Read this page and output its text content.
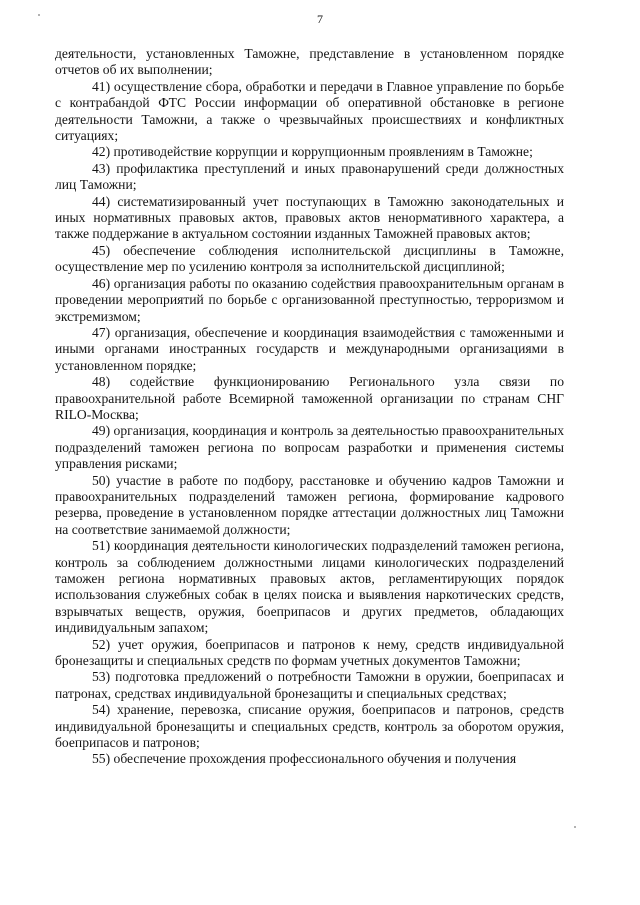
7

деятельности, установленных Таможне, представление в установленном порядке отчетов об их выполнении;

41) осуществление сбора, обработки и передачи в Главное управление по борьбе с контрабандой ФТС России информации об оперативной обстановке в регионе деятельности Таможни, а также о чрезвычайных происшествиях и конфликтных ситуациях;

42) противодействие коррупции и коррупционным проявлениям в Таможне;

43) профилактика преступлений и иных правонарушений среди должностных лиц Таможни;

44) систематизированный учет поступающих в Таможню законодательных и иных нормативных правовых актов, правовых актов ненормативного характера, а также поддержание в актуальном состоянии изданных Таможней правовых актов;

45) обеспечение соблюдения исполнительской дисциплины в Таможне, осуществление мер по усилению контроля за исполнительской дисциплиной;

46) организация работы по оказанию содействия правоохранительным органам в проведении мероприятий по борьбе с организованной преступностью, терроризмом и экстремизмом;

47) организация, обеспечение и координация взаимодействия с таможенными и иными органами иностранных государств и международными организациями в установленном порядке;

48) содействие функционированию Регионального узла связи по правоохранительной работе Всемирной таможенной организации по странам СНГ RILO-Москва;

49) организация, координация и контроль за деятельностью правоохранительных подразделений таможен региона по вопросам разработки и применения системы управления рисками;

50) участие в работе по подбору, расстановке и обучению кадров Таможни и правоохранительных подразделений таможен региона, формирование кадрового резерва, проведение в установленном порядке аттестации должностных лиц Таможни на соответствие занимаемой должности;

51) координация деятельности кинологических подразделений таможен региона, контроль за соблюдением должностными лицами кинологических подразделений таможен региона нормативных правовых актов, регламентирующих порядок использования служебных собак в целях поиска и выявления наркотических средств, взрывчатых веществ, оружия, боеприпасов и других предметов, обладающих индивидуальным запахом;

52) учет оружия, боеприпасов и патронов к нему, средств индивидуальной бронезащиты и специальных средств по формам учетных документов Таможни;

53) подготовка предложений о потребности Таможни в оружии, боеприпасах и патронах, средствах индивидуальной бронезащиты и специальных средствах;

54) хранение, перевозка, списание оружия, боеприпасов и патронов, средств индивидуальной бронезащиты и специальных средств, контроль за оборотом оружия, боеприпасов и патронов;

55) обеспечение прохождения профессионального обучения и получения
